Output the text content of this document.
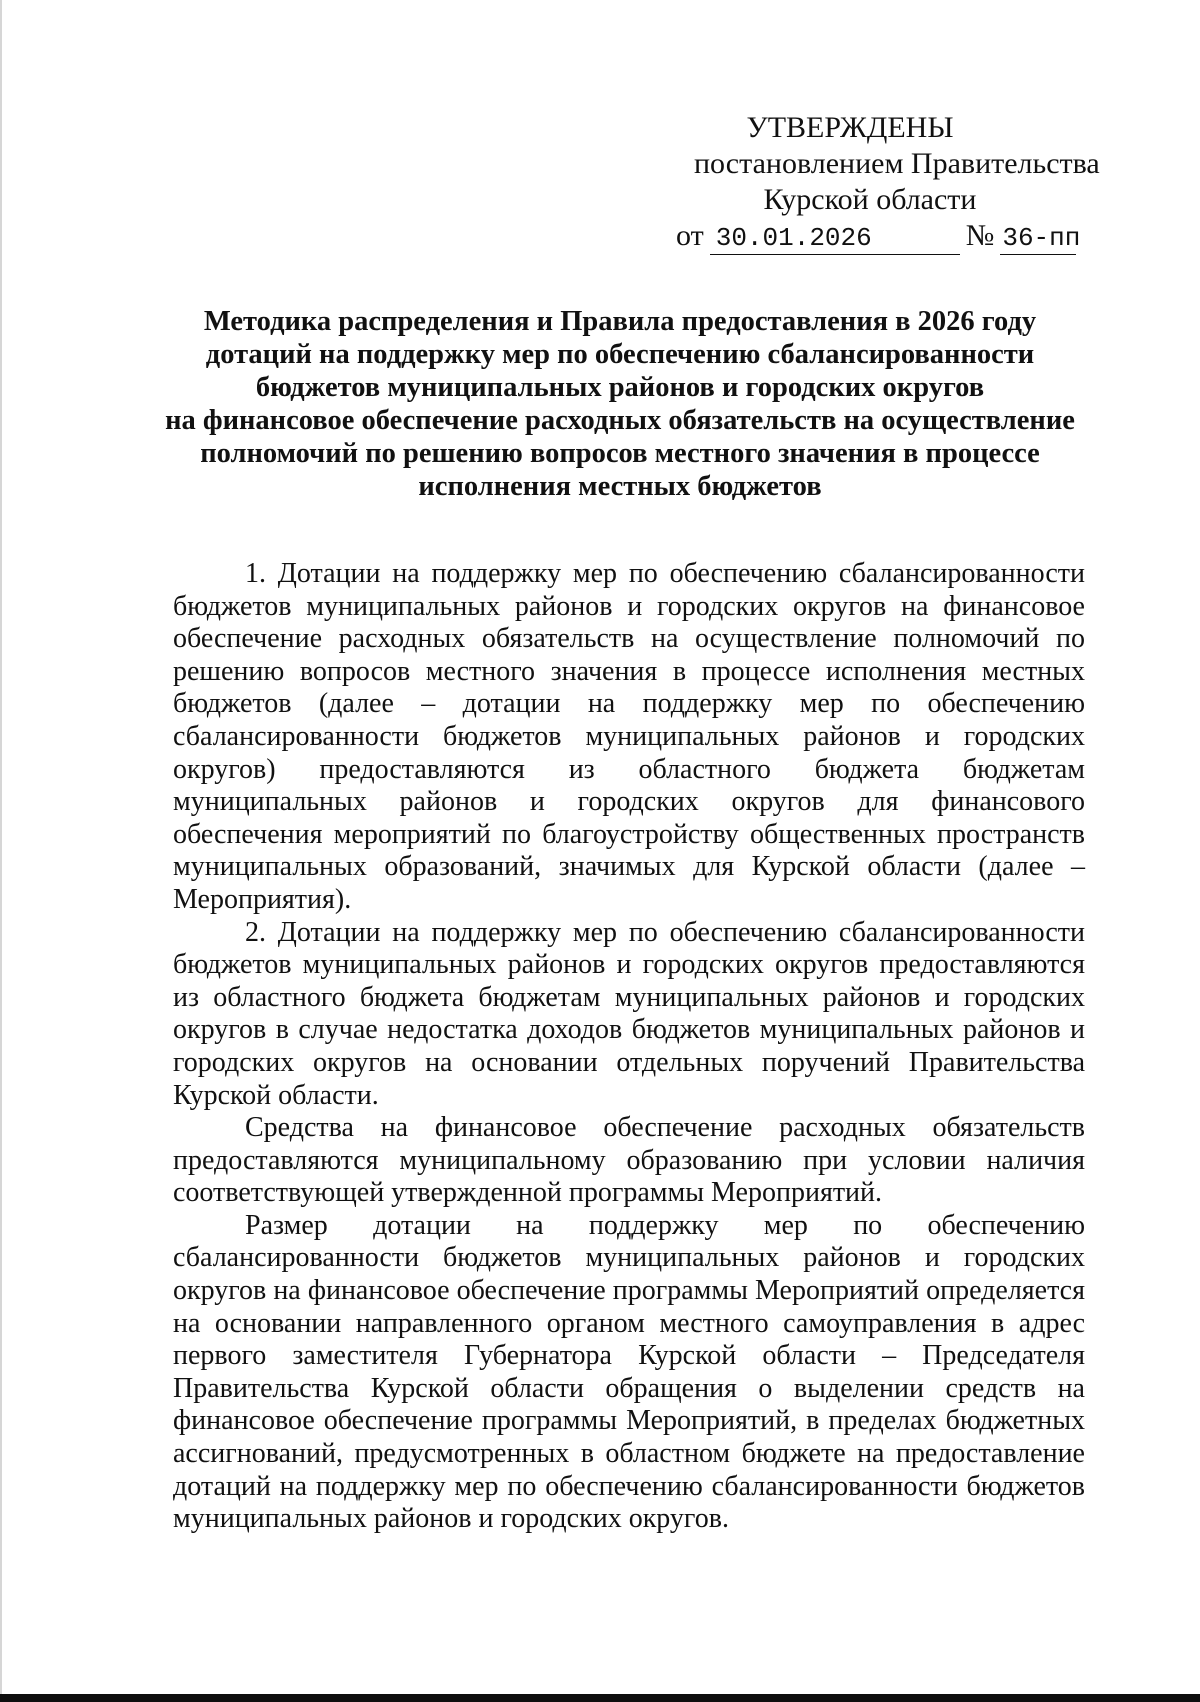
УТВЕРЖДЕНЫ
постановлением Правительства
Курской области
от 30.01.2026	№ 36-пп
Методика распределения и Правила предоставления в 2026 году
дотаций на поддержку мер по обеспечению сбалансированности
бюджетов муниципальных районов и городских округов
на финансовое обеспечение расходных обязательств на осуществление
полномочий по решению вопросов местного значения в процессе
исполнения местных бюджетов

1. Дотации на поддержку мер по обеспечению сбалансированности бюджетов муниципальных районов и городских округов на финансовое обеспечение расходных обязательств на осуществление полномочий по решению вопросов местного значения в процессе исполнения местных бюджетов (далее – дотации на поддержку мер по обеспечению сбалансированности бюджетов муниципальных районов и городских округов) предоставляются из областного бюджета бюджетам муниципальных районов и городских округов для финансового обеспечения мероприятий по благоустройству общественных пространств муниципальных образований, значимых для Курской области (далее – Мероприятия).

2. Дотации на поддержку мер по обеспечению сбалансированности бюджетов муниципальных районов и городских округов предоставляются из областного бюджета бюджетам муниципальных районов и городских округов в случае недостатка доходов бюджетов муниципальных районов и городских округов на основании отдельных поручений Правительства Курской области.

Средства на финансовое обеспечение расходных обязательств предоставляются муниципальному образованию при условии наличия соответствующей утвержденной программы Мероприятий.

Размер дотации на поддержку мер по обеспечению сбалансированности бюджетов муниципальных районов и городских округов на финансовое обеспечение программы Мероприятий определяется на основании направленного органом местного самоуправления в адрес первого заместителя Губернатора Курской области – Председателя Правительства Курской области обращения о выделении средств на финансовое обеспечение программы Мероприятий, в пределах бюджетных ассигнований, предусмотренных в областном бюджете на предоставление дотаций на поддержку мер по обеспечению сбалансированности бюджетов муниципальных районов и городских округов.
